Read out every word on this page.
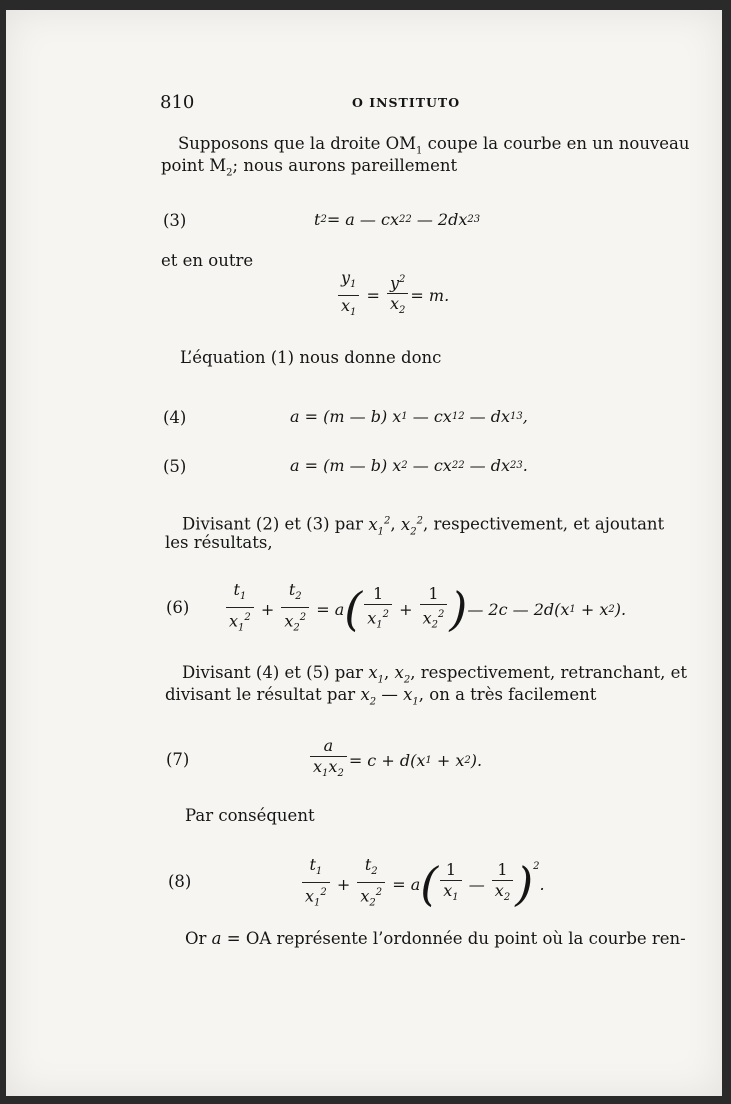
810	O INSTITUTO
Supposons que la droite $OM_1$ coupe la courbe en un nouveau
point $M_2$; nous aurons pareillement
(3)	t 2 = a — cx 2 2 — 2dx 2 3
et en outre
$\frac{y_1}{x_1} = \frac{y^2}{x_2} = m$.
L’équation (1) nous donne donc
(4)	a = (m — b) x 1 — cx 1 2 — dx 1 3 ,
(5)	a = (m — b) x 2 — cx 2 2 — dx 2 3 .
Divisant (2) et (3) par $x_1^2$, $x_2^2$, respectivement, et ajoutant
les résultats,
$(6) \frac{t_1}{x_1^2} + \frac{t_2}{x_2^2} = a$ ( $\frac{1}{x_1^2} + \frac{1}{x_2^2}$ ) — 2c — 2d(x 1 + x 2 ).
Divisant (4) et (5) par $x_1$, $x_2$, respectivement, retranchant, et
divisant le résultat par $x_2$ — $x_1$, on a très facilement
(7)	$\frac{a}{x_1x_2} = c + d(x$ 1 + x 2 ).
Par conséquent
(8)	$\frac{t_1}{x_1^2} + \frac{t_2}{x_2^2} = a$ ( $\frac{1}{x_1}$ — $\frac{1}{x_2} )^2$
.
Or a = OA représente l’ordonnée du point où la courbe ren-
